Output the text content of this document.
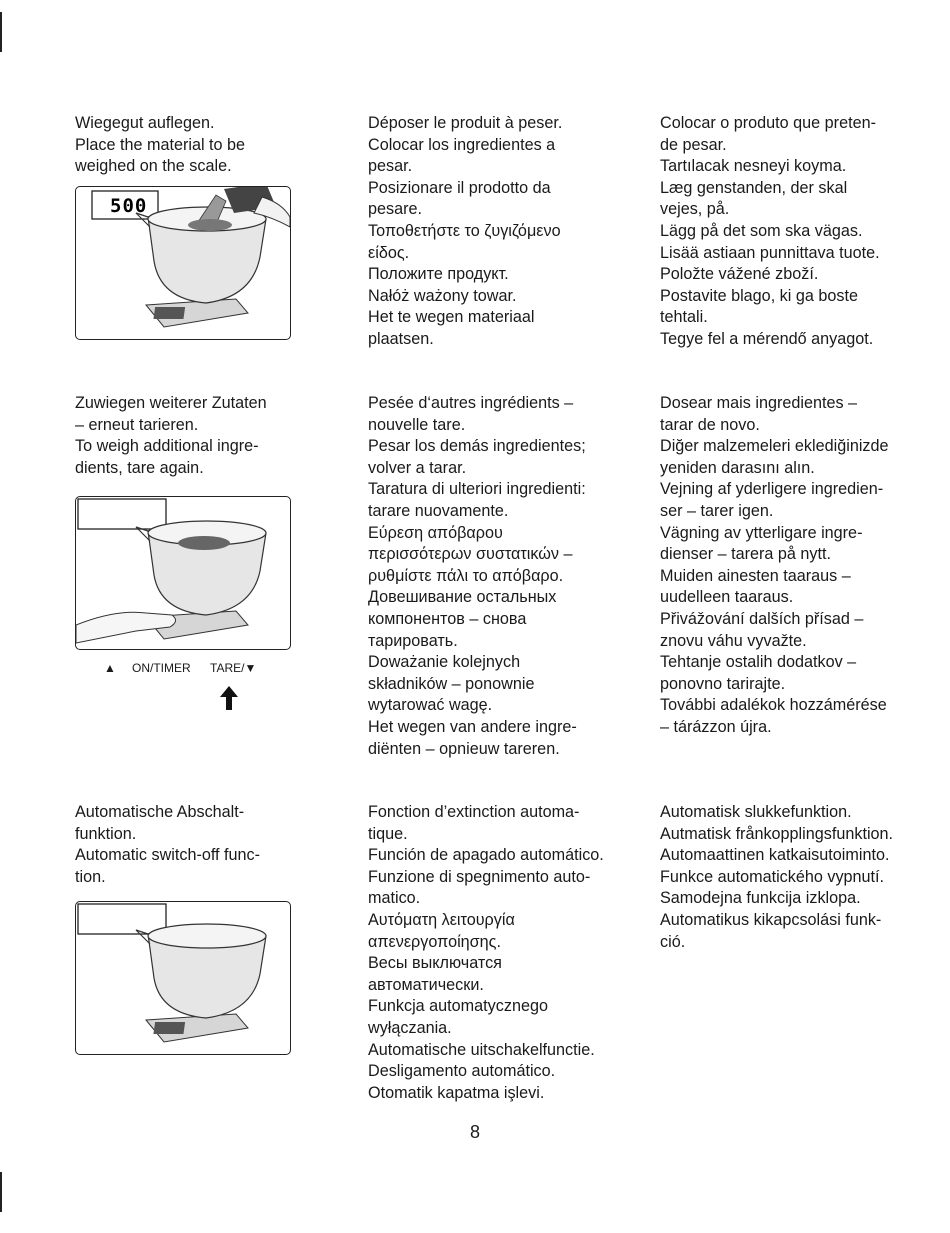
Wiegegut auflegen.
Place the material to be
weighed on the scale.

Déposer le produit à peser.
Colocar los ingredientes a
pesar.
Posizionare il prodotto da
pesare.
Τοποθετήστε το ζυγιζόμενο
είδος.
Положите продукт.
Nałóż ważony towar.
Het te wegen materiaal
plaatsen.

Colocar o produto que preten-
de pesar.
Tartılacak nesneyi koyma.
Læg genstanden, der skal
vejes, på.
Lägg på det som ska vägas.
Lisää astiaan punnittava tuote.
Položte vážené zboží.
Postavite blago, ki ga boste
tehtali.
Tegye fel a mérendő anyagot.

500

Zuwiegen weiterer Zutaten
– erneut tarieren.
To weigh additional ingre-
dients, tare again.

Pesée d‘autres ingrédients –
nouvelle tare.
Pesar los demás ingredientes;
volver a tarar.
Taratura di ulteriori ingredienti:
tarare nuovamente.
Εύρεση απόβαρου
περισσότερων συστατικών –
ρυθμίστε πάλι το απόβαρο.
Довешивание остальных
компонентов – снова
тарировать.
Doważanie kolejnych
składników – ponownie
wytarować wagę.
Het wegen van andere ingre-
diënten – opnieuw tareren.

Dosear mais ingredientes –
tarar de novo.
Diğer malzemeleri eklediğinizde
yeniden darasını alın.
Vejning af yderligere ingredien-
ser – tarer igen.
Vägning av ytterligare ingre-
dienser – tarera på nytt.
Muiden ainesten taaraus –
uudelleen taaraus.
Přivážování dalších přísad –
znovu váhu vyvažte.
Tehtanje ostalih dodatkov –
ponovno tarirajte.
További adalékok hozzámérése
– tárázzon újra.

▲	ON/TIMER	TARE/▼

Automatische Abschalt-
funktion.
Automatic switch-off func-
tion.

Fonction d’extinction automa-
tique.
Función de apagado automático.
Funzione di spegnimento auto-
matico.
Αυτόματη λειτουργία
απενεργοποίησης.
Весы выключатся
автоматически.
Funkcja automatycznego
wyłączania.
Automatische uitschakelfunctie.
Desligamento automático.
Otomatik kapatma işlevi.

Automatisk slukkefunktion.
Autmatisk frånkopplingsfunktion.
Automaattinen katkaisutoiminto.
Funkce automatického vypnutí.
Samodejna funkcija izklopa.
Automatikus kikapcsolási funk-
ció.

8
